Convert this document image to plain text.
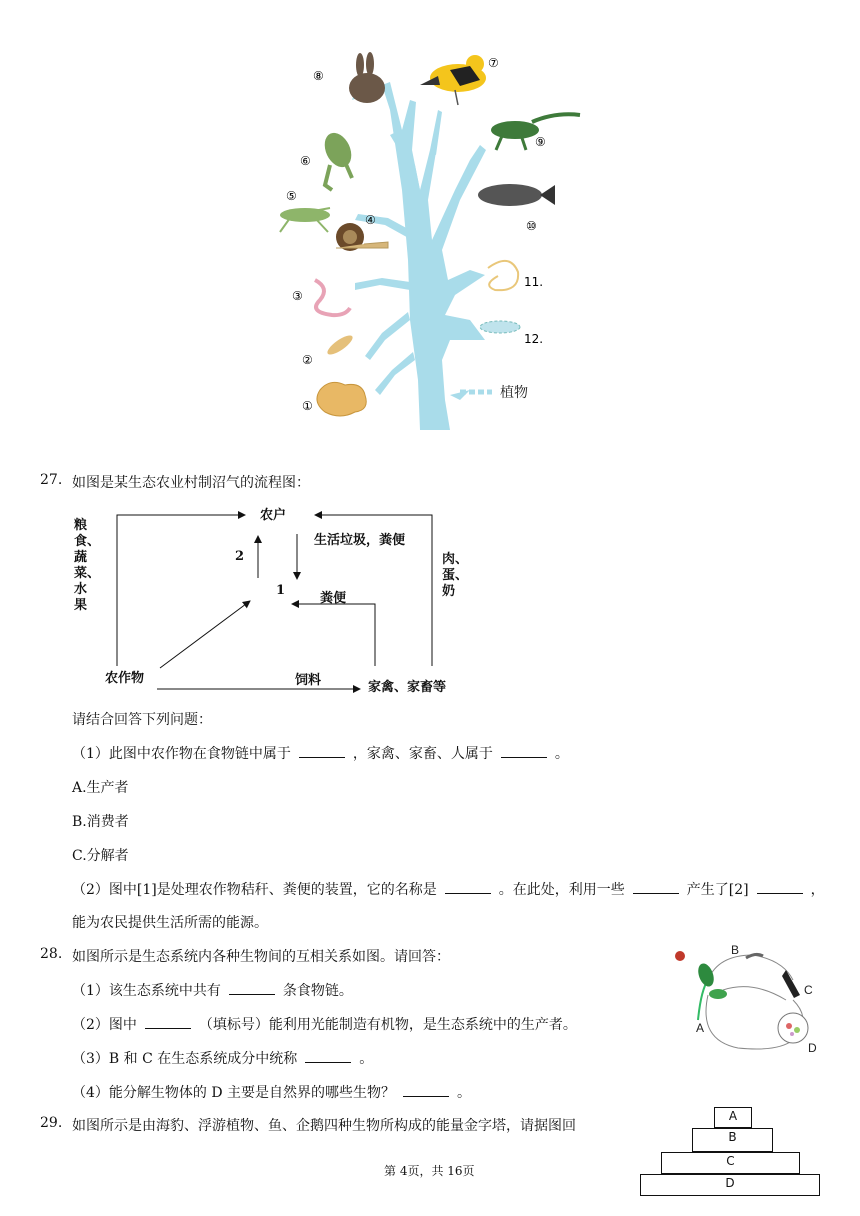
植物
⑧
⑦
⑥
⑨
⑤
④	⑩
③
11.
②
12.
①
27. 如图是某生态农业村制沼气的流程图：
农户
生活垃圾，粪便
2
1
粪便
农作物	饲料	家禽、家畜等
粮食、蔬菜、水果
肉、蛋、奶
请结合回答下列问题：
（1）此图中农作物在食物链中属于	，家禽、家畜、人属于	。
A.生产者
B.消费者
C.分解者
（2）图中[1]是处理农作物秸秆、粪便的装置，它的名称是	。在此处，利用一些	产生了[2]	，
能为农民提供生活所需的能源。
28. 如图所示是生态系统内各种生物间的互相关系如图。请回答：
（1）该生态系统中共有	条食物链。
（2）图中	（填标号）能利用光能制造有机物，是生态系统中的生产者。
（3）B 和 C 在生态系统成分中统称	。
（4）能分解生物体的 D 主要是自然界的哪些生物？	。
A
B
C
D
29. 如图所示是由海豹、浮游植物、鱼、企鹅四种生物所构成的能量金字塔，请据图回
A
B
C
D
第 4页，共 16页
